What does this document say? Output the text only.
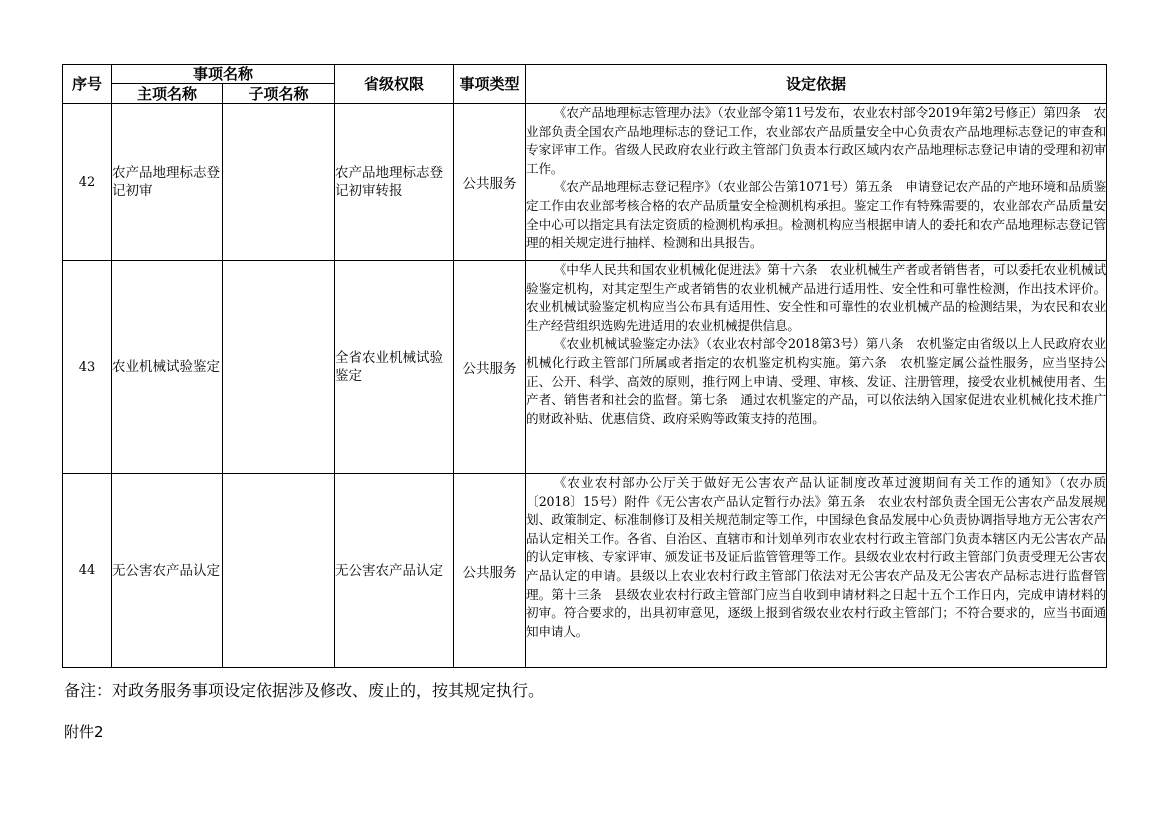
序号	事项名称		省级权限	事项类型	设定依据
	主项名称	子项名称			
42	农产品地理标志登记初审		农产品地理标志登记初审转报	公共服务	《农产品地理标志管理办法》（农业部令第11号发布，农业农村部令2019年第2号修正）第四条　农业部负责全国农产品地理标志的登记工作，农业部农产品质量安全中心负责农产品地理标志登记的审查和专家评审工作。省级人民政府农业行政主管部门负责本行政区域内农产品地理标志登记申请的受理和初审工作。

《农产品地理标志登记程序》（农业部公告第1071号）第五条　申请登记农产品的产地环境和品质鉴定工作由农业部考核合格的农产品质量安全检测机构承担。鉴定工作有特殊需要的，农业部农产品质量安全中心可以指定具有法定资质的检测机构承担。检测机构应当根据申请人的委托和农产品地理标志登记管理的相关规定进行抽样、检测和出具报告。

43	农业机械试验鉴定		全省农业机械试验鉴定	公共服务	《中华人民共和国农业机械化促进法》第十六条　农业机械生产者或者销售者，可以委托农业机械试验鉴定机构，对其定型生产或者销售的农业机械产品进行适用性、安全性和可靠性检测，作出技术评价。农业机械试验鉴定机构应当公布具有适用性、安全性和可靠性的农业机械产品的检测结果，为农民和农业生产经营组织选购先进适用的农业机械提供信息。

《农业机械试验鉴定办法》（农业农村部令2018第3号）第八条　农机鉴定由省级以上人民政府农业机械化行政主管部门所属或者指定的农机鉴定机构实施。第六条　农机鉴定属公益性服务，应当坚持公正、公开、科学、高效的原则，推行网上申请、受理、审核、发证、注册管理，接受农业机械使用者、生产者、销售者和社会的监督。第七条　通过农机鉴定的产品，可以依法纳入国家促进农业机械化技术推广的财政补贴、优惠信贷、政府采购等政策支持的范围。

44	无公害农产品认定		无公害农产品认定	公共服务	《农业农村部办公厅关于做好无公害农产品认证制度改革过渡期间有关工作的通知》（农办质〔2018〕15号）附件《无公害农产品认定暂行办法》第五条　农业农村部负责全国无公害农产品发展规划、政策制定、标准制修订及相关规范制定等工作，中国绿色食品发展中心负责协调指导地方无公害农产品认定相关工作。各省、自治区、直辖市和计划单列市农业农村行政主管部门负责本辖区内无公害农产品的认定审核、专家评审、颁发证书及证后监管管理等工作。县级农业农村行政主管部门负责受理无公害农产品认定的申请。县级以上农业农村行政主管部门依法对无公害农产品及无公害农产品标志进行监督管理。第十三条　县级农业农村行政主管部门应当自收到申请材料之日起十五个工作日内，完成申请材料的初审。符合要求的，出具初审意见，逐级上报到省级农业农村行政主管部门；不符合要求的，应当书面通知申请人。

备注：对政务服务事项设定依据涉及修改、废止的，按其规定执行。
附件2
